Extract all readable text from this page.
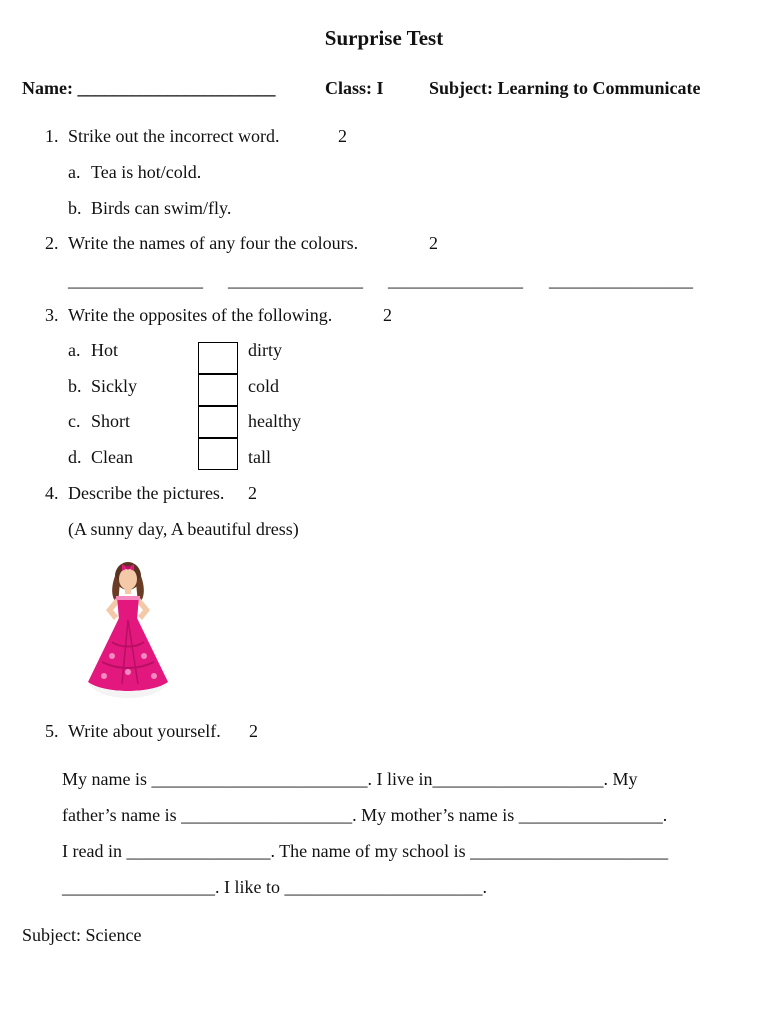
Surprise Test
Name: ______________________	Class: I	Subject: Learning to Communicate
1. Strike out the incorrect word.	2
a. Tea is hot/cold.
b. Birds can swim/fly.
2. Write the names of any four the colours.	2
_______________ _______________ _______________ ________________
3. Write the opposites of the following.	2
a. Hot	dirty
b. Sickly	cold
c. Short	healthy
d. Clean	tall
4. Describe the pictures. 2
(A sunny day, A beautiful dress)
5. Write about yourself. 2
My name is ________________________. I live in___________________. My
father’s name is ___________________. My mother’s name is ________________.
I read in ________________. The name of my school is ______________________
_________________. I like to ______________________.
Subject: Science
